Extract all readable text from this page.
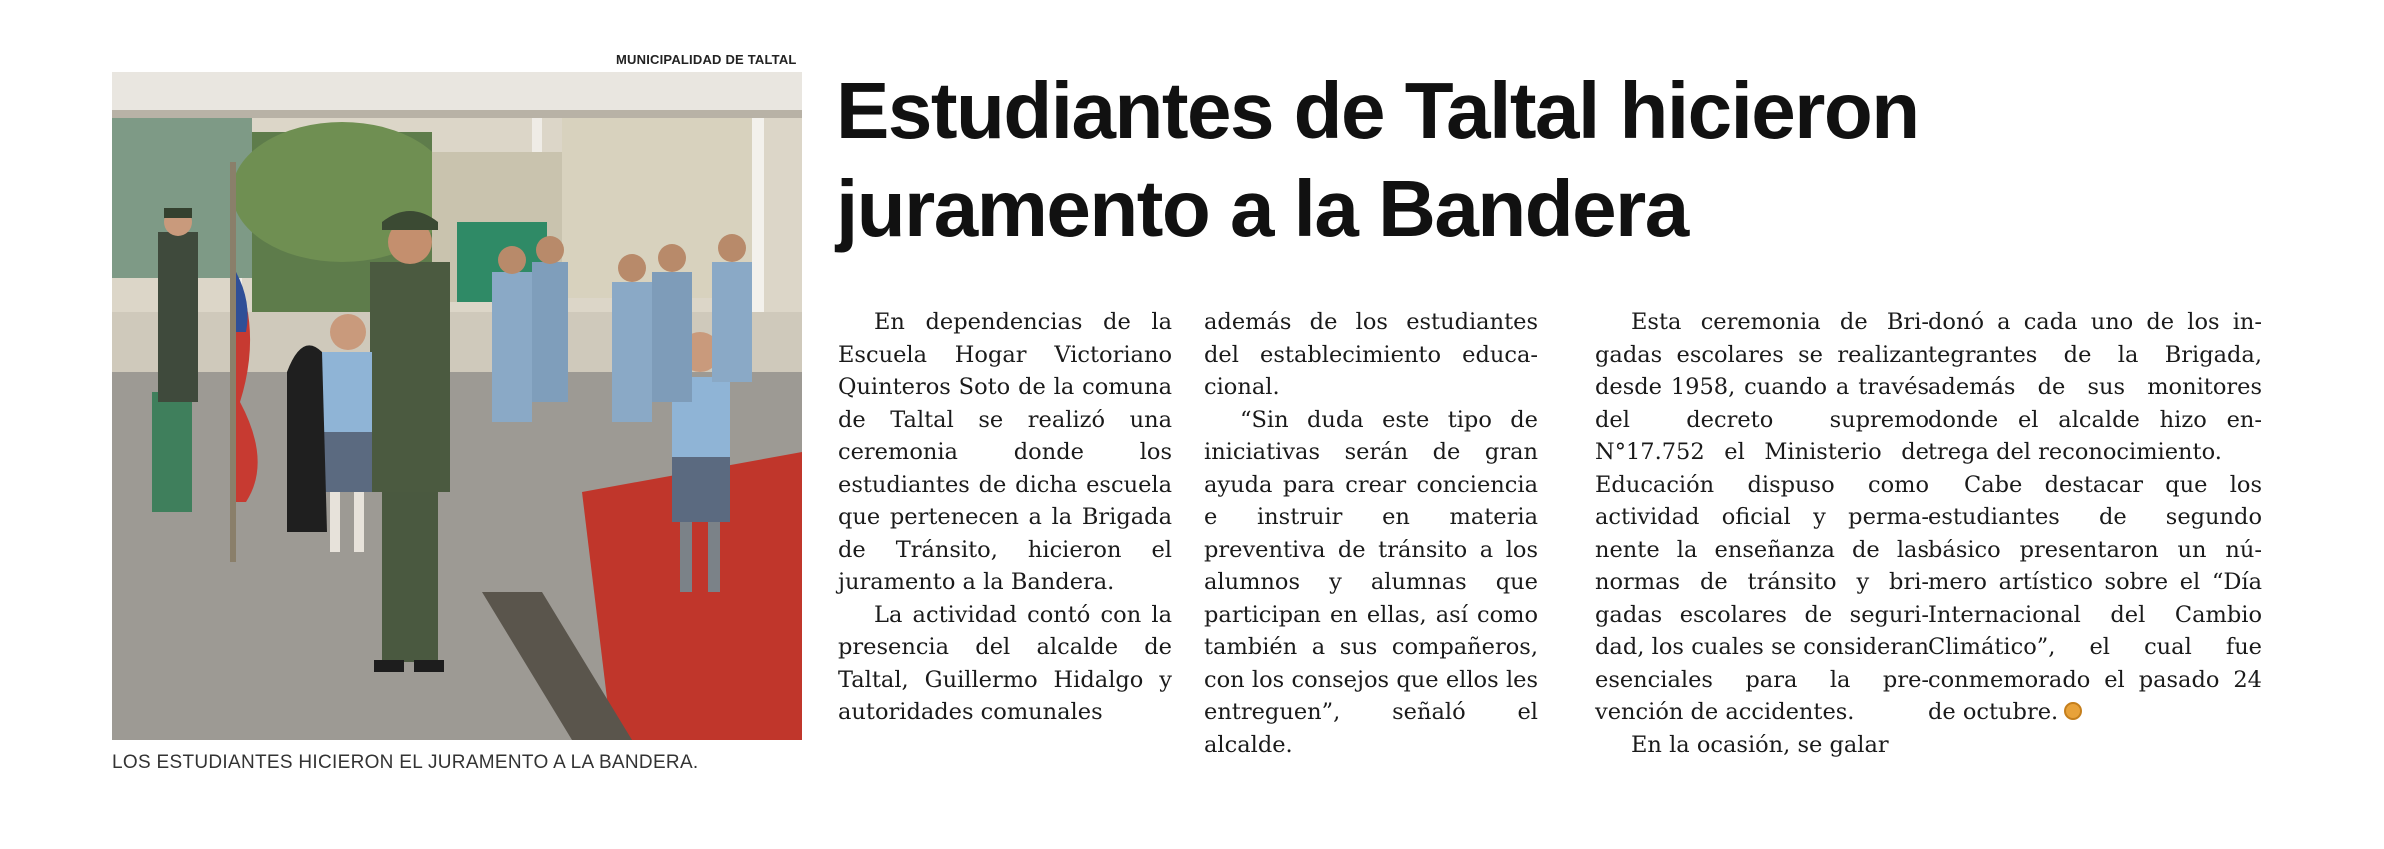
MUNICIPALIDAD DE TALTAL
LOS ESTUDIANTES HICIERON EL JURAMENTO A LA BANDERA.
Estudiantes de Taltal hicieron juramento a la Bandera

En dependencias de la Escuela Hogar Victoriano Quinteros Soto de la comuna de Taltal se realizó una ceremonia donde los estudiantes de dicha escuela que pertenecen a la Brigada de Tránsito, hicieron el juramento a la Bandera.

La actividad contó con la presencia del alcalde de Taltal, Guillermo Hidalgo y autoridades comunales

además de los estudiantes del establecimiento educacional.

“Sin duda este tipo de iniciativas serán de gran ayuda para crear conciencia e instruir en materia preventiva de tránsito a los alumnos y alumnas que participan en ellas, así como también a sus compañeros, con los consejos que ellos les entreguen”, señaló el alcalde.

Esta ceremonia de Brigadas escolares se realizan desde 1958, cuando a través del decreto supremo N°17.752 el Ministerio de Educación dispuso como actividad oficial y permanente la enseñanza de las normas de tránsito y brigadas escolares de seguridad, los cuales se consideran esenciales para la prevención de accidentes.

En la ocasión, se galar

donó a cada uno de los integrantes de la Brigada, además de sus monitores donde el alcalde hizo entrega del reconocimiento.

Cabe destacar que los estudiantes de segundo básico presentaron un número artístico sobre el “Día Internacional del Cambio Climático”, el cual fue conmemorado el pasado 24 de octubre.
